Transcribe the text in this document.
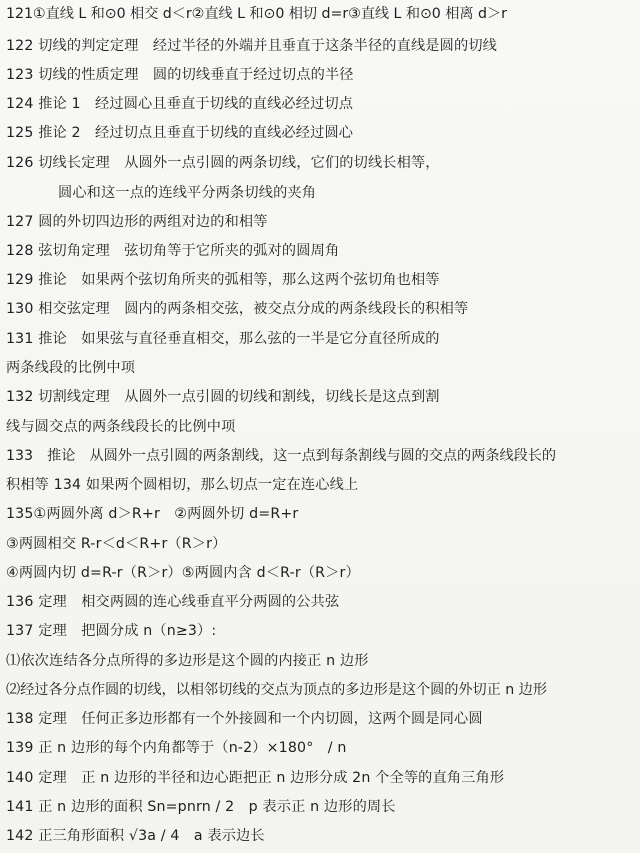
121①直线 L 和⊙0 相交 d＜r②直线 L 和⊙0 相切 d=r③直线 L 和⊙0 相离 d＞r
122 切线的判定定理　经过半径的外端并且垂直于这条半径的直线是圆的切线
123 切线的性质定理　圆的切线垂直于经过切点的半径
124 推论 1　经过圆心且垂直于切线的直线必经过切点
125 推论 2　经过切点且垂直于切线的直线必经过圆心
126 切线长定理　从圆外一点引圆的两条切线，它们的切线长相等，
圆心和这一点的连线平分两条切线的夹角
127 圆的外切四边形的两组对边的和相等
128 弦切角定理　弦切角等于它所夹的弧对的圆周角
129 推论　如果两个弦切角所夹的弧相等，那么这两个弦切角也相等
130 相交弦定理　圆内的两条相交弦，被交点分成的两条线段长的积相等
131 推论　如果弦与直径垂直相交，那么弦的一半是它分直径所成的
两条线段的比例中项
132 切割线定理　从圆外一点引圆的切线和割线，切线长是这点到割
线与圆交点的两条线段长的比例中项
133　推论　从圆外一点引圆的两条割线，这一点到每条割线与圆的交点的两条线段长的
积相等 134 如果两个圆相切，那么切点一定在连心线上
135①两圆外离 d＞R+r　②两圆外切 d=R+r
③两圆相交 R-r＜d＜R+r（R＞r）
④两圆内切 d=R-r（R＞r）⑤两圆内含 d＜R-r（R＞r）
136 定理　相交两圆的连心线垂直平分两圆的公共弦
137 定理　把圆分成 n（n≥3）:
⑴依次连结各分点所得的多边形是这个圆的内接正 n 边形
⑵经过各分点作圆的切线，以相邻切线的交点为顶点的多边形是这个圆的外切正 n 边形
138 定理　任何正多边形都有一个外接圆和一个内切圆，这两个圆是同心圆
139 正 n 边形的每个内角都等于（n-2）×180°　/ n
140 定理　正 n 边形的半径和边心距把正 n 边形分成 2n 个全等的直角三角形
141 正 n 边形的面积 Sn=pnrn / 2　p 表示正 n 边形的周长
142 正三角形面积 √3a / 4　a 表示边长
